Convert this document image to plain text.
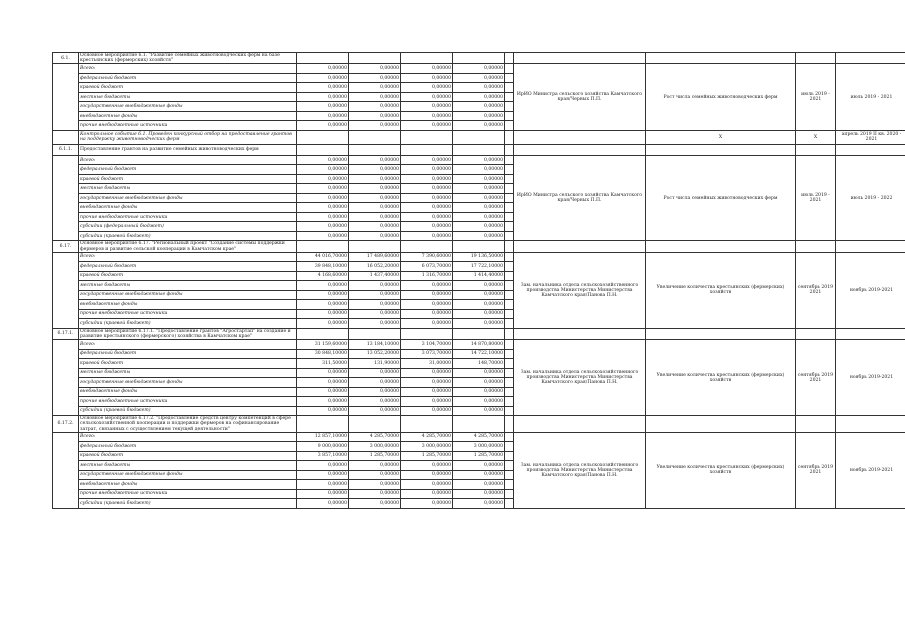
6.1.	Основное мероприятие 6.1. "Развитие семейных животноводческих ферм на базе крестьянских (фермерских) хозяйств"									
	Всего:	0,00000	0,00000	0,00000	0,00000		ИрИО Министра сельского хозяйства Камчатского края/Черных П.П.	Рост числа семейных животноводческих ферм	июль 2019 - 2021	июль 2019 - 2021
	федеральный бюджет	0,00000	0,00000	0,00000	0,00000					
	краевой бюджет	0,00000	0,00000	0,00000	0,00000					
	местные бюджеты	0,00000	0,00000	0,00000	0,00000					
	государственные внебюджетные фонды	0,00000	0,00000	0,00000	0,00000					
	внебюджетные фонды	0,00000	0,00000	0,00000	0,00000					
	прочие внебюджетные источники	0,00000	0,00000	0,00000	0,00000					
	Контрольное событие 6.1. Проведен конкурсный отбор на предоставление грантов на поддержку животноводческих ферм							Х	Х	апрель 2019 II кв. 2020 - 2021
6.1.1.	Предоставление грантов на развитие семейных животноводческих ферм									
	Всего:	0,00000	0,00000	0,00000	0,00000		ИрИО Министра сельского хозяйства Камчатского края/Черных П.П.	Рост числа семейных животноводческих ферм	июль 2019 - 2021	июль 2019 - 2022
	федеральный бюджет	0,00000	0,00000	0,00000	0,00000					
	краевой бюджет	0,00000	0,00000	0,00000	0,00000					
	местные бюджеты	0,00000	0,00000	0,00000	0,00000					
	государственные внебюджетные фонды	0,00000	0,00000	0,00000	0,00000					
	внебюджетные фонды	0,00000	0,00000	0,00000	0,00000					
	прочие внебюджетные источники	0,00000	0,00000	0,00000	0,00000					
	субсидии (федеральный бюджет)	0,00000	0,00000	0,00000	0,00000					
	субсидии (краевой бюджет)	0,00000	0,00000	0,00000	0,00000					
6.17.	Основное мероприятие 6.17. "Региональный проект "Создание системы поддержки фермеров и развитие сельской кооперации в Камчатском крае"									
	Всего:	44 016,70000	17 489,60000	7 390,60000	19 136,50000		Зам. начальника отдела сельскохозяйственного производства Министерства Министерства Камчатского края/Панова П.Н.	Увеличение количества крестьянских (фермерских) хозяйств	сентябрь 2019 2021	ноябрь 2019-2021
	федеральный бюджет	39 848,10000	16 052,20000	6 073,70000	17 722,10000					
	краевой бюджет	4 168,60000	1 437,40000	1 316,70000	1 414,40000					
	местные бюджеты	0,00000	0,00000	0,00000	0,00000					
	государственные внебюджетные фонды	0,00000	0,00000	0,00000	0,00000					
	внебюджетные фонды	0,00000	0,00000	0,00000	0,00000					
	прочие внебюджетные источники	0,00000	0,00000	0,00000	0,00000					
	субсидии (краевой бюджет)	0,00000	0,00000	0,00000	0,00000					
6.17.1.	Основное мероприятие 6.17.1. "Предоставление грантов "Агростартап" на создание и развитие крестьянского (фермерского) хозяйства в Камчатском крае"									
	Всего:	31 159,60000	13 184,10000	3 104,70000	14 870,80000		Зам. начальника отдела сельскохозяйственного производства Министерства Министерства Камчатского края/Панова П.Н.	Увеличение количества крестьянских (фермерских) хозяйств	сентябрь 2019 2021	ноябрь 2019-2021
	федеральный бюджет	30 848,10000	13 052,20000	3 073,70000	14 722,10000					
	краевой бюджет	311,50000	131,90000	31,00000	148,70000					
	местные бюджеты	0,00000	0,00000	0,00000	0,00000					
	государственные внебюджетные фонды	0,00000	0,00000	0,00000	0,00000					
	внебюджетные фонды	0,00000	0,00000	0,00000	0,00000					
	прочие внебюджетные источники	0,00000	0,00000	0,00000	0,00000					
	субсидии (краевой бюджет)	0,00000	0,00000	0,00000	0,00000					
6.17.2.	Основное мероприятие 6.17.2. "Предоставление средств центру компетенций в сфере сельскохозяйственной кооперации и поддержки фермеров на софинансирование затрат, связанных с осуществлением текущей деятельности"									
	Всего:	12 857,10000	4 285,70000	4 285,70000	4 285,70000		Зам. начальника отдела сельскохозяйственного производства Министерства Министерства Камчатского края/Панова П.Н.	Увеличение количества крестьянских (фермерских) хозяйств	сентябрь 2019 2021	ноябрь 2019-2021
	федеральный бюджет	9 000,00000	3 000,00000	3 000,00000	3 000,00000					
	краевой бюджет	3 857,10000	1 285,70000	1 285,70000	1 285,70000					
	местные бюджеты	0,00000	0,00000	0,00000	0,00000					
	государственные внебюджетные фонды	0,00000	0,00000	0,00000	0,00000					
	внебюджетные фонды	0,00000	0,00000	0,00000	0,00000					
	прочие внебюджетные источники	0,00000	0,00000	0,00000	0,00000					
	субсидии (краевой бюджет)	0,00000	0,00000	0,00000	0,00000					
